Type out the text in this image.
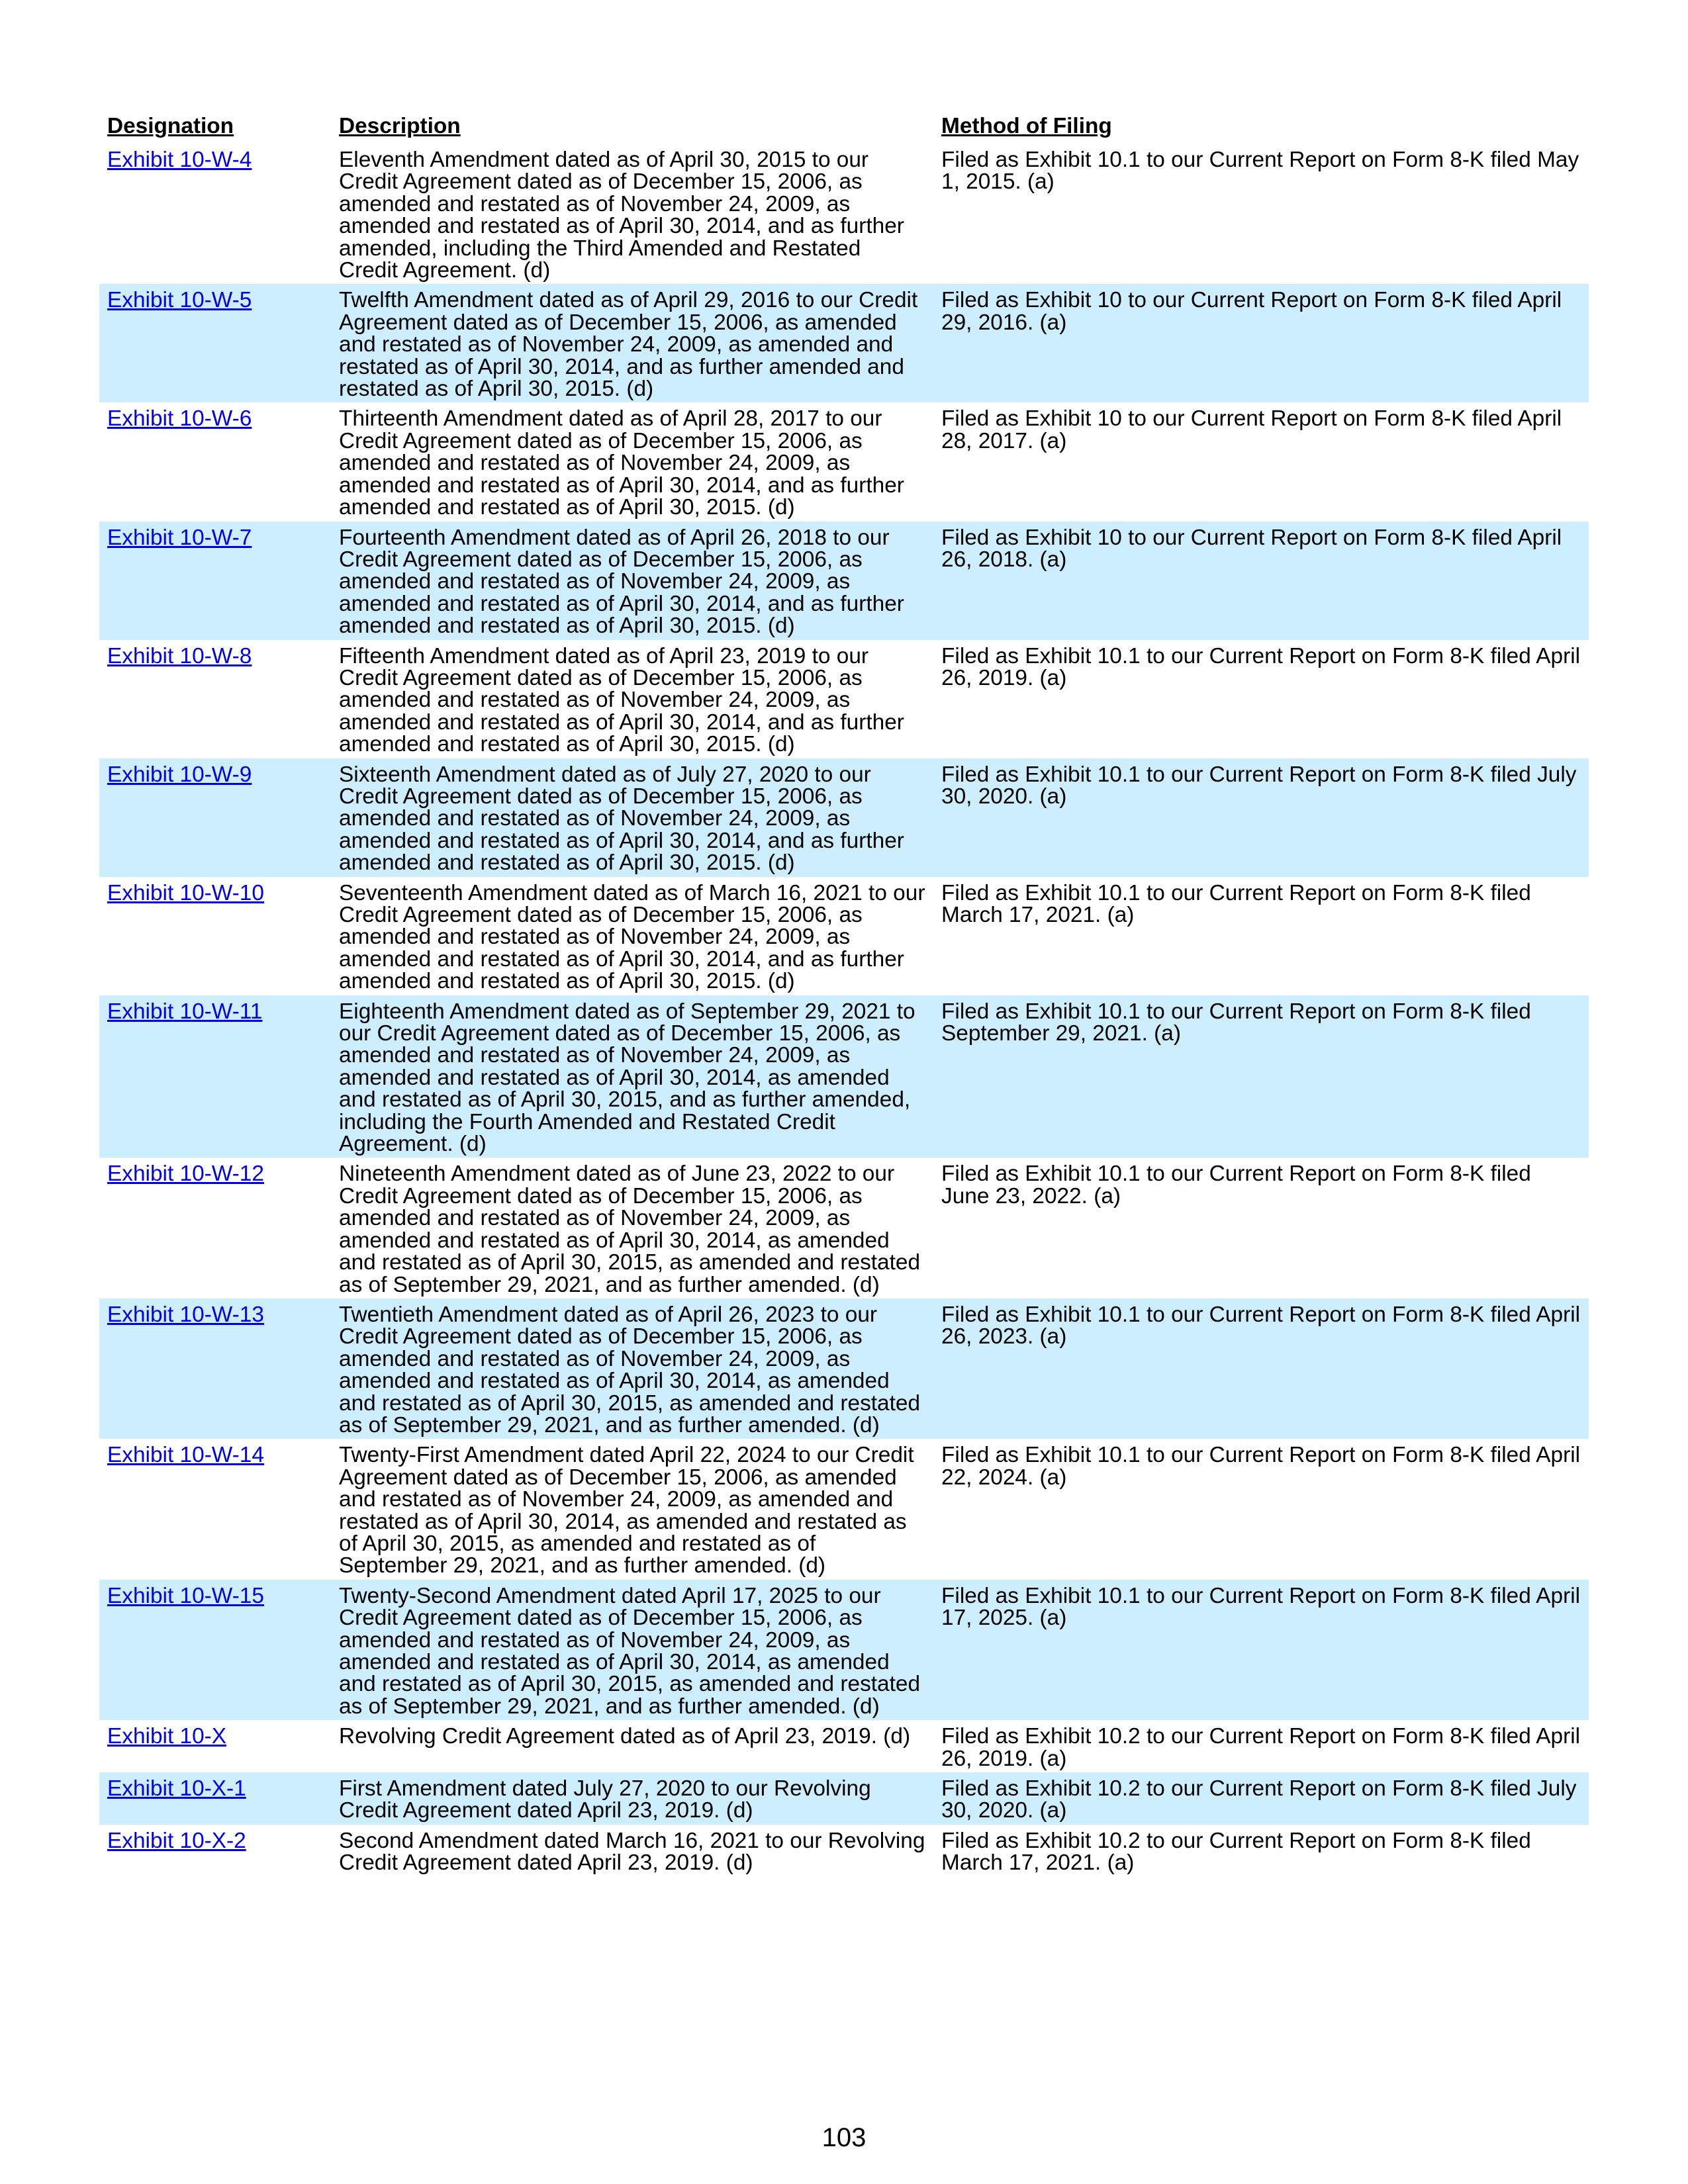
Designation	Description	Method of Filing
Exhibit 10-W-4	Eleventh Amendment dated as of April 30, 2015 to our Credit Agreement dated as of December 15, 2006, as amended and restated as of November 24, 2009, as amended and restated as of April 30, 2014, and as further amended, including the Third Amended and Restated Credit Agreement. (d)	Filed as Exhibit 10.1 to our Current Report on Form 8-K filed May 1, 2015. (a)
Exhibit 10-W-5	Twelfth Amendment dated as of April 29, 2016 to our Credit Agreement dated as of December 15, 2006, as amended and restated as of November 24, 2009, as amended and restated as of April 30, 2014, and as further amended and restated as of April 30, 2015. (d)	Filed as Exhibit 10 to our Current Report on Form 8-K filed April 29, 2016. (a)
Exhibit 10-W-6	Thirteenth Amendment dated as of April 28, 2017 to our Credit Agreement dated as of December 15, 2006, as amended and restated as of November 24, 2009, as amended and restated as of April 30, 2014, and as further amended and restated as of April 30, 2015. (d)	Filed as Exhibit 10 to our Current Report on Form 8-K filed April 28, 2017. (a)
Exhibit 10-W-7	Fourteenth Amendment dated as of April 26, 2018 to our Credit Agreement dated as of December 15, 2006, as amended and restated as of November 24, 2009, as amended and restated as of April 30, 2014, and as further amended and restated as of April 30, 2015. (d)	Filed as Exhibit 10 to our Current Report on Form 8-K filed April 26, 2018. (a)
Exhibit 10-W-8	Fifteenth Amendment dated as of April 23, 2019 to our Credit Agreement dated as of December 15, 2006, as amended and restated as of November 24, 2009, as amended and restated as of April 30, 2014, and as further amended and restated as of April 30, 2015. (d)	Filed as Exhibit 10.1 to our Current Report on Form 8-K filed April 26, 2019. (a)
Exhibit 10-W-9	Sixteenth Amendment dated as of July 27, 2020 to our Credit Agreement dated as of December 15, 2006, as amended and restated as of November 24, 2009, as amended and restated as of April 30, 2014, and as further amended and restated as of April 30, 2015. (d)	Filed as Exhibit 10.1 to our Current Report on Form 8-K filed July 30, 2020. (a)
Exhibit 10-W-10	Seventeenth Amendment dated as of March 16, 2021 to our Credit Agreement dated as of December 15, 2006, as amended and restated as of November 24, 2009, as amended and restated as of April 30, 2014, and as further amended and restated as of April 30, 2015. (d)	Filed as Exhibit 10.1 to our Current Report on Form 8-K filed March 17, 2021. (a)
Exhibit 10-W-11	Eighteenth Amendment dated as of September 29, 2021 to our Credit Agreement dated as of December 15, 2006, as amended and restated as of November 24, 2009, as amended and restated as of April 30, 2014, as amended and restated as of April 30, 2015, and as further amended, including the Fourth Amended and Restated Credit Agreement. (d)	Filed as Exhibit 10.1 to our Current Report on Form 8-K filed September 29, 2021. (a)
Exhibit 10-W-12	Nineteenth Amendment dated as of June 23, 2022 to our Credit Agreement dated as of December 15, 2006, as amended and restated as of November 24, 2009, as amended and restated as of April 30, 2014, as amended and restated as of April 30, 2015, as amended and restated as of September 29, 2021, and as further amended. (d)	Filed as Exhibit 10.1 to our Current Report on Form 8-K filed June 23, 2022. (a)
Exhibit 10-W-13	Twentieth Amendment dated as of April 26, 2023 to our Credit Agreement dated as of December 15, 2006, as amended and restated as of November 24, 2009, as amended and restated as of April 30, 2014, as amended and restated as of April 30, 2015, as amended and restated as of September 29, 2021, and as further amended. (d)	Filed as Exhibit 10.1 to our Current Report on Form 8-K filed April 26, 2023. (a)
Exhibit 10-W-14	Twenty-First Amendment dated April 22, 2024 to our Credit Agreement dated as of December 15, 2006, as amended and restated as of November 24, 2009, as amended and restated as of April 30, 2014, as amended and restated as of April 30, 2015, as amended and restated as of September 29, 2021, and as further amended. (d)	Filed as Exhibit 10.1 to our Current Report on Form 8-K filed April 22, 2024. (a)
Exhibit 10-W-15	Twenty-Second Amendment dated April 17, 2025 to our Credit Agreement dated as of December 15, 2006, as amended and restated as of November 24, 2009, as amended and restated as of April 30, 2014, as amended and restated as of April 30, 2015, as amended and restated as of September 29, 2021, and as further amended. (d)	Filed as Exhibit 10.1 to our Current Report on Form 8-K filed April 17, 2025. (a)
Exhibit 10-X	Revolving Credit Agreement dated as of April 23, 2019. (d)	Filed as Exhibit 10.2 to our Current Report on Form 8-K filed April 26, 2019. (a)
Exhibit 10-X-1	First Amendment dated July 27, 2020 to our Revolving Credit Agreement dated April 23, 2019. (d)	Filed as Exhibit 10.2 to our Current Report on Form 8-K filed July 30, 2020. (a)
Exhibit 10-X-2	Second Amendment dated March 16, 2021 to our Revolving Credit Agreement dated April 23, 2019. (d)	Filed as Exhibit 10.2 to our Current Report on Form 8-K filed March 17, 2021. (a)
103
